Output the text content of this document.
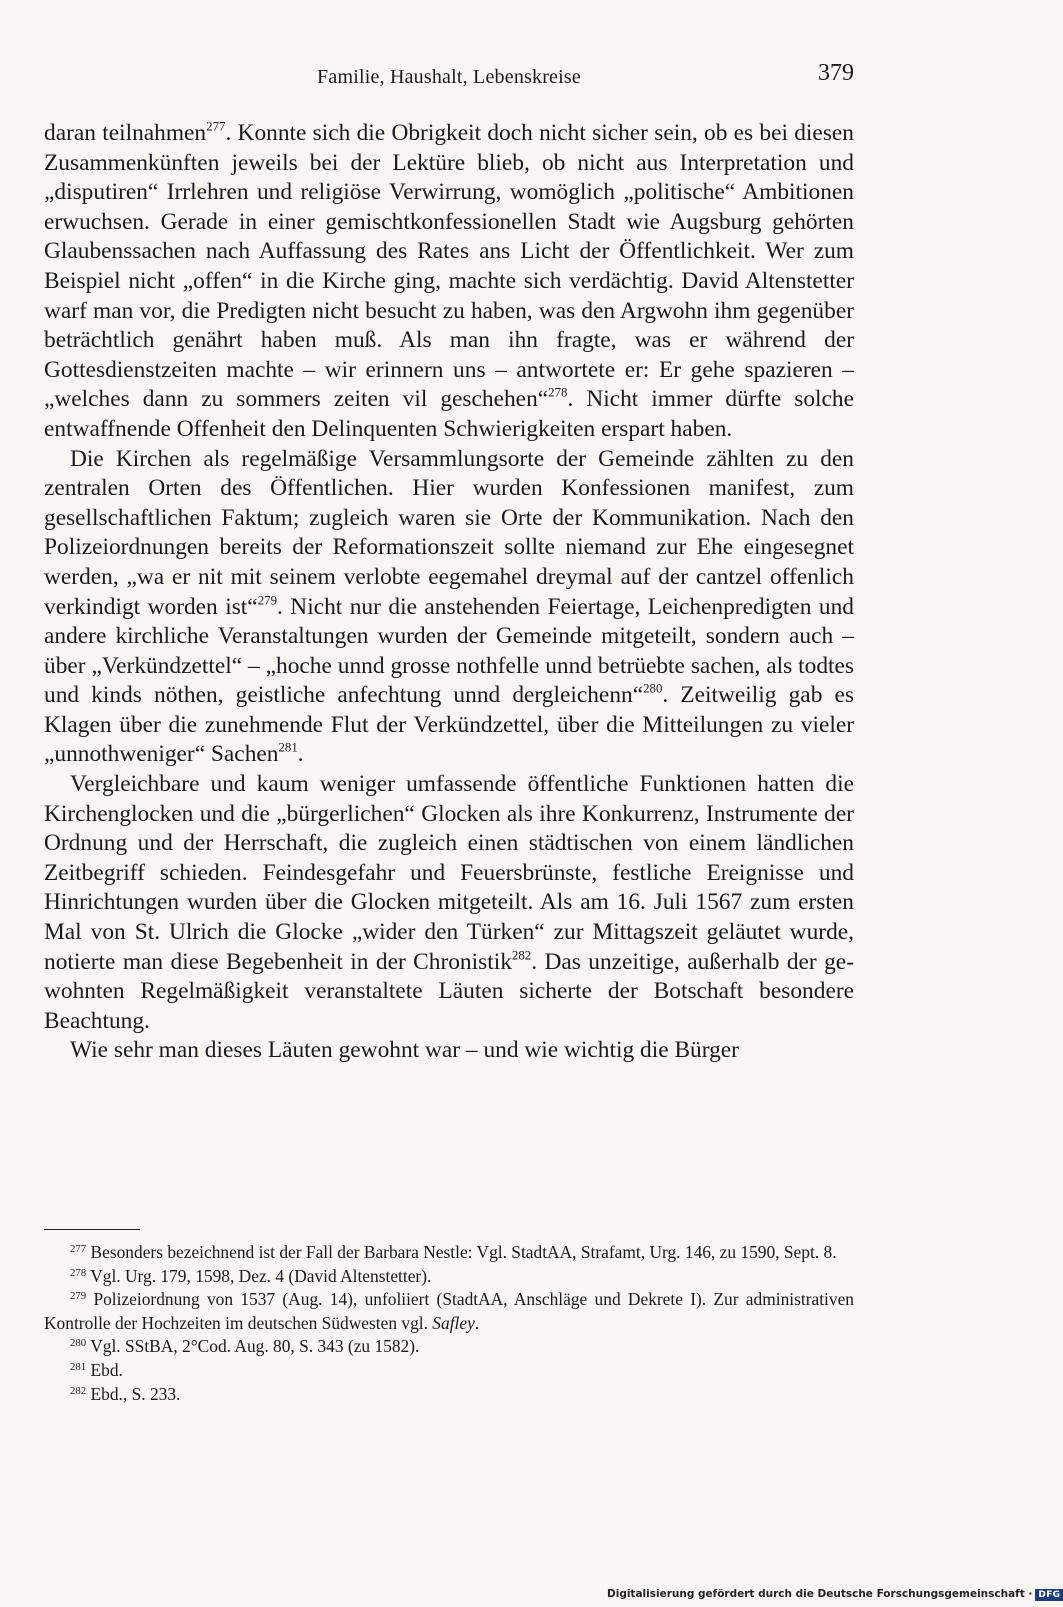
Familie, Haushalt, Lebenskreise	379

daran teilnahmen$^{277}$. Konnte sich die Obrigkeit doch nicht sicher sein, ob es bei diesen Zusammenkünften jeweils bei der Lektüre blieb, ob nicht aus Interpretation und „disputiren“ Irrlehren und religiöse Verwirrung, womöglich „politische“ Ambitionen erwuchsen. Gerade in einer gemischtkonfessionellen Stadt wie Augsburg gehörten Glaubenssachen nach Auffassung des Rates ans Licht der Öffentlichkeit. Wer zum Beispiel nicht „offen“ in die Kirche ging, machte sich verdächtig. David Altenstetter warf man vor, die Predigten nicht besucht zu haben, was den Argwohn ihm gegenüber beträchtlich genährt haben muß. Als man ihn fragte, was er während der Gottesdienstzeiten machte – wir erinnern uns – antwortete er: Er gehe spazieren – „welches dann zu sommers zeiten vil geschehen“$^{278}$. Nicht immer dürfte solche entwaffnende Offenheit den Delinquenten Schwierigkeiten erspart haben.

Die Kirchen als regelmäßige Versammlungsorte der Gemeinde zählten zu den zentralen Orten des Öffentlichen. Hier wurden Konfessionen manifest, zum gesellschaftlichen Faktum; zugleich waren sie Orte der Kommunikation. Nach den Polizeiordnungen bereits der Reformationszeit sollte niemand zur Ehe eingesegnet werden, „wa er nit mit seinem verlobte eegemahel dreymal auf der cantzel offenlich verkindigt worden ist“$^{279}$. Nicht nur die anstehenden Feiertage, Leichenpredigten und andere kirchliche Veranstaltungen wurden der Gemeinde mitgeteilt, sondern auch – über „Verkündzettel“ – „hoche unnd grosse nothfelle unnd betrüebte sachen, als todtes und kinds nöthen, geistliche anfechtung unnd dergleichenn“$^{280}$. Zeitweilig gab es Klagen über die zunehmende Flut der Verkündzettel, über die Mitteilungen zu vieler „unnothweniger“ Sachen$^{281}$.

Vergleichbare und kaum weniger umfassende öffentliche Funktionen hatten die Kirchenglocken und die „bürgerlichen“ Glocken als ihre Konkurrenz, Instrumente der Ordnung und der Herrschaft, die zugleich einen städtischen von einem ländlichen Zeitbegriff schieden. Feindesgefahr und Feuersbrünste, festliche Ereignisse und Hinrichtungen wurden über die Glocken mitgeteilt. Als am 16. Juli 1567 zum ersten Mal von St. Ulrich die Glocke „wider den Türken“ zur Mittagszeit geläutet wurde, notierte man diese Begebenheit in der Chronistik$^{282}$. Das unzeitige, außerhalb der gewohnten Regelmäßigkeit veranstaltete Läuten sicherte der Botschaft besondere Beachtung.

Wie sehr man dieses Läuten gewohnt war – und wie wichtig die Bürger

$^{277}$ Besonders bezeichnend ist der Fall der Barbara Nestle: Vgl. StadtAA, Strafamt, Urg. 146, zu 1590, Sept. 8.

$^{278}$ Vgl. Urg. 179, 1598, Dez. 4 (David Altenstetter).

$^{279}$ Polizeiordnung von 1537 (Aug. 14), unfoliiert (StadtAA, Anschläge und Dekrete I). Zur administrativen Kontrolle der Hochzeiten im deutschen Südwesten vgl. Safley.

$^{280}$ Vgl. SStBA, 2°Cod. Aug. 80, S. 343 (zu 1582).

$^{281}$ Ebd.

$^{282}$ Ebd., S. 233.

Digitalisierung gefördert durch die Deutsche Forschungsgemeinschaft · DFG
